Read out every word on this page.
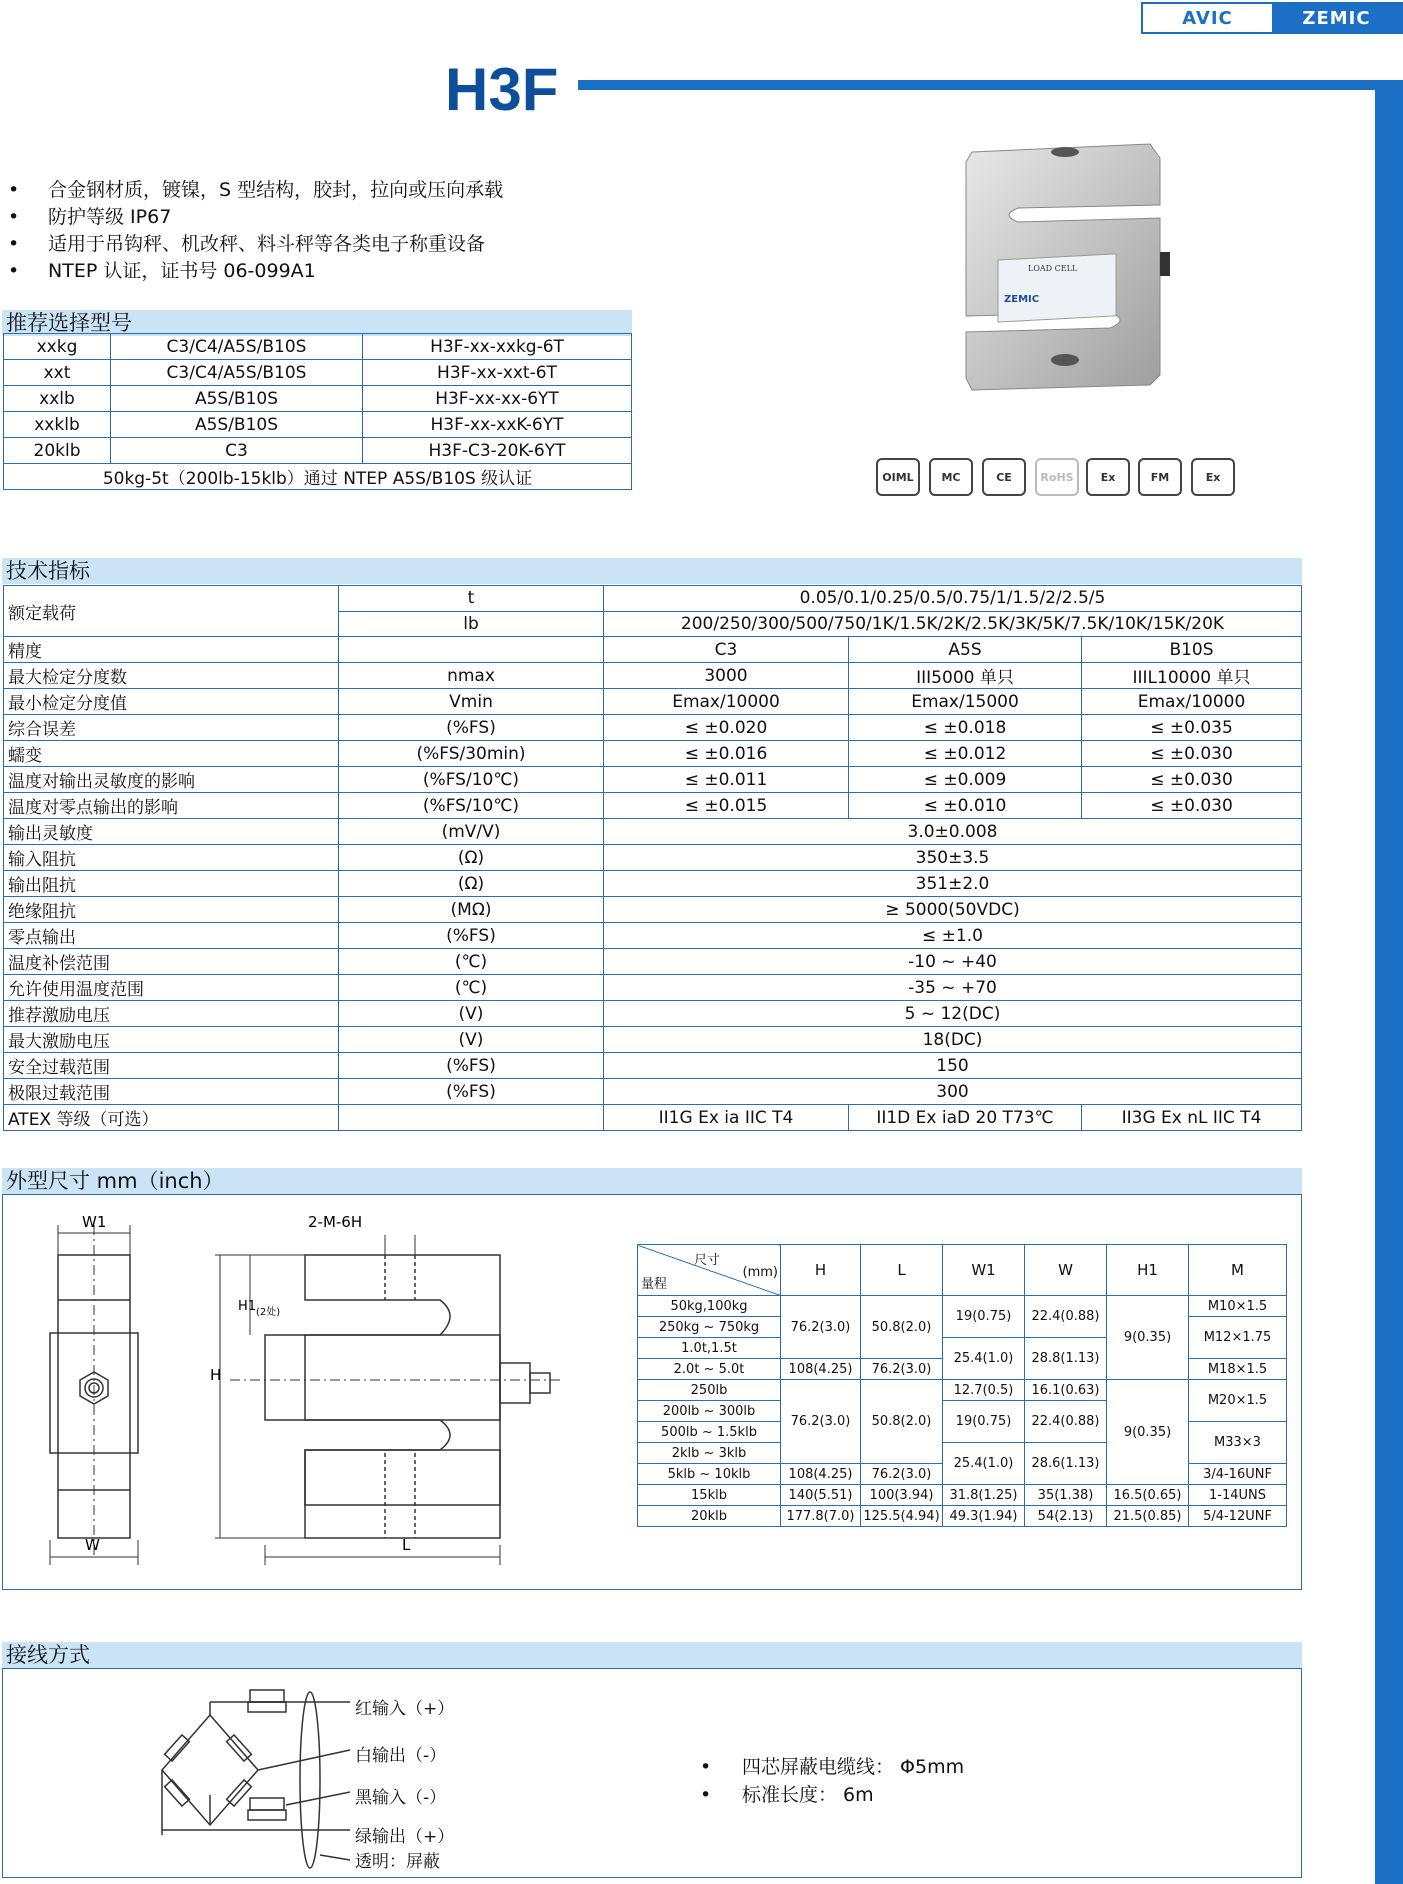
AVIC	ZEMIC
H3F
•	合金钢材质，镀镍，S 型结构，胶封，拉向或压向承载
•	防护等级 IP67
•	适用于吊钩秤、机改秤、料斗秤等各类电子称重设备
•	NTEP 认证，证书号 06-099A1	LOAD CELL
ZEMIC
OIML	MC	CE	RoHS	Ex	FM	Ex
推荐选择型号
xxkg	C3/C4/A5S/B10S	H3F-xx-xxkg-6T
xxt	C3/C4/A5S/B10S	H3F-xx-xxt-6T
xxlb	A5S/B10S	H3F-xx-xx-6YT
xxklb	A5S/B10S	H3F-xx-xxK-6YT
20klb	C3	H3F-C3-20K-6YT
50kg-5t（200lb-15klb）通过 NTEP A5S/B10S 级认证		
技术指标
额定载荷	t	0.05/0.1/0.25/0.5/0.75/1/1.5/2/2.5/5		
	lb	200/250/300/500/750/1K/1.5K/2K/2.5K/3K/5K/7.5K/10K/15K/20K		
精度		C3	A5S	B10S
最大检定分度数	nmax	3000	III5000 单只	IIIL10000 单只
最小检定分度值	Vmin	Emax/10000	Emax/15000	Emax/10000
综合误差	(%FS)	≤ ±0.020	≤ ±0.018	≤ ±0.035
蠕变	(%FS/30min)	≤ ±0.016	≤ ±0.012	≤ ±0.030
温度对输出灵敏度的影响	(%FS/10℃)	≤ ±0.011	≤ ±0.009	≤ ±0.030
温度对零点输出的影响	(%FS/10℃)	≤ ±0.015	≤ ±0.010	≤ ±0.030
输出灵敏度	(mV/V)	3.0±0.008		
输入阻抗	(Ω)	350±3.5		
输出阻抗	(Ω)	351±2.0		
绝缘阻抗	(MΩ)	≥ 5000(50VDC)		
零点输出	(%FS)	≤ ±1.0		
温度补偿范围	(℃)	-10 ~ +40		
允许使用温度范围	(℃)	-35 ~ +70		
推荐激励电压	(V)	5 ~ 12(DC)		
最大激励电压	(V)	18(DC)		
安全过载范围	(%FS)	150		
极限过载范围	(%FS)	300		
ATEX 等级（可选）		II1G Ex ia IIC T4	II1D Ex iaD 20 T73℃	II3G Ex nL IIC T4
外型尺寸 mm（inch）
W1
W
2-M-6H
H
H1 (2处)
L
尺寸
(mm)
量程	H	L	W1	W	H1	M
50kg,100kg	76.2(3.0)	50.8(2.0)	19(0.75)	22.4(0.88)	9(0.35)	M10×1.5
250kg ~ 750kg						M12×1.75
1.0t,1.5t			25.4(1.0)	28.8(1.13)		
2.0t ~ 5.0t	108(4.25)	76.2(3.0)				M18×1.5
250lb	76.2(3.0)	50.8(2.0)	12.7(0.5)	16.1(0.63)	9(0.35)	M20×1.5
200lb ~ 300lb			19(0.75)	22.4(0.88)		
500lb ~ 1.5klb						M33×3
2klb ~ 3klb			25.4(1.0)	28.6(1.13)		
5klb ~ 10klb	108(4.25)	76.2(3.0)				3/4-16UNF
15klb	140(5.51)	100(3.94)	31.8(1.25)	35(1.38)	16.5(0.65)	1-14UNS
20klb	177.8(7.0)	125.5(4.94)	49.3(1.94)	54(2.13)	21.5(0.85)	5/4-12UNF
接线方式
红输入（+）
白输出（-）
黑输入（-）
绿输出（+）
透明：屏蔽
• 四芯屏蔽电缆线： Φ5mm
• 标准长度： 6m
